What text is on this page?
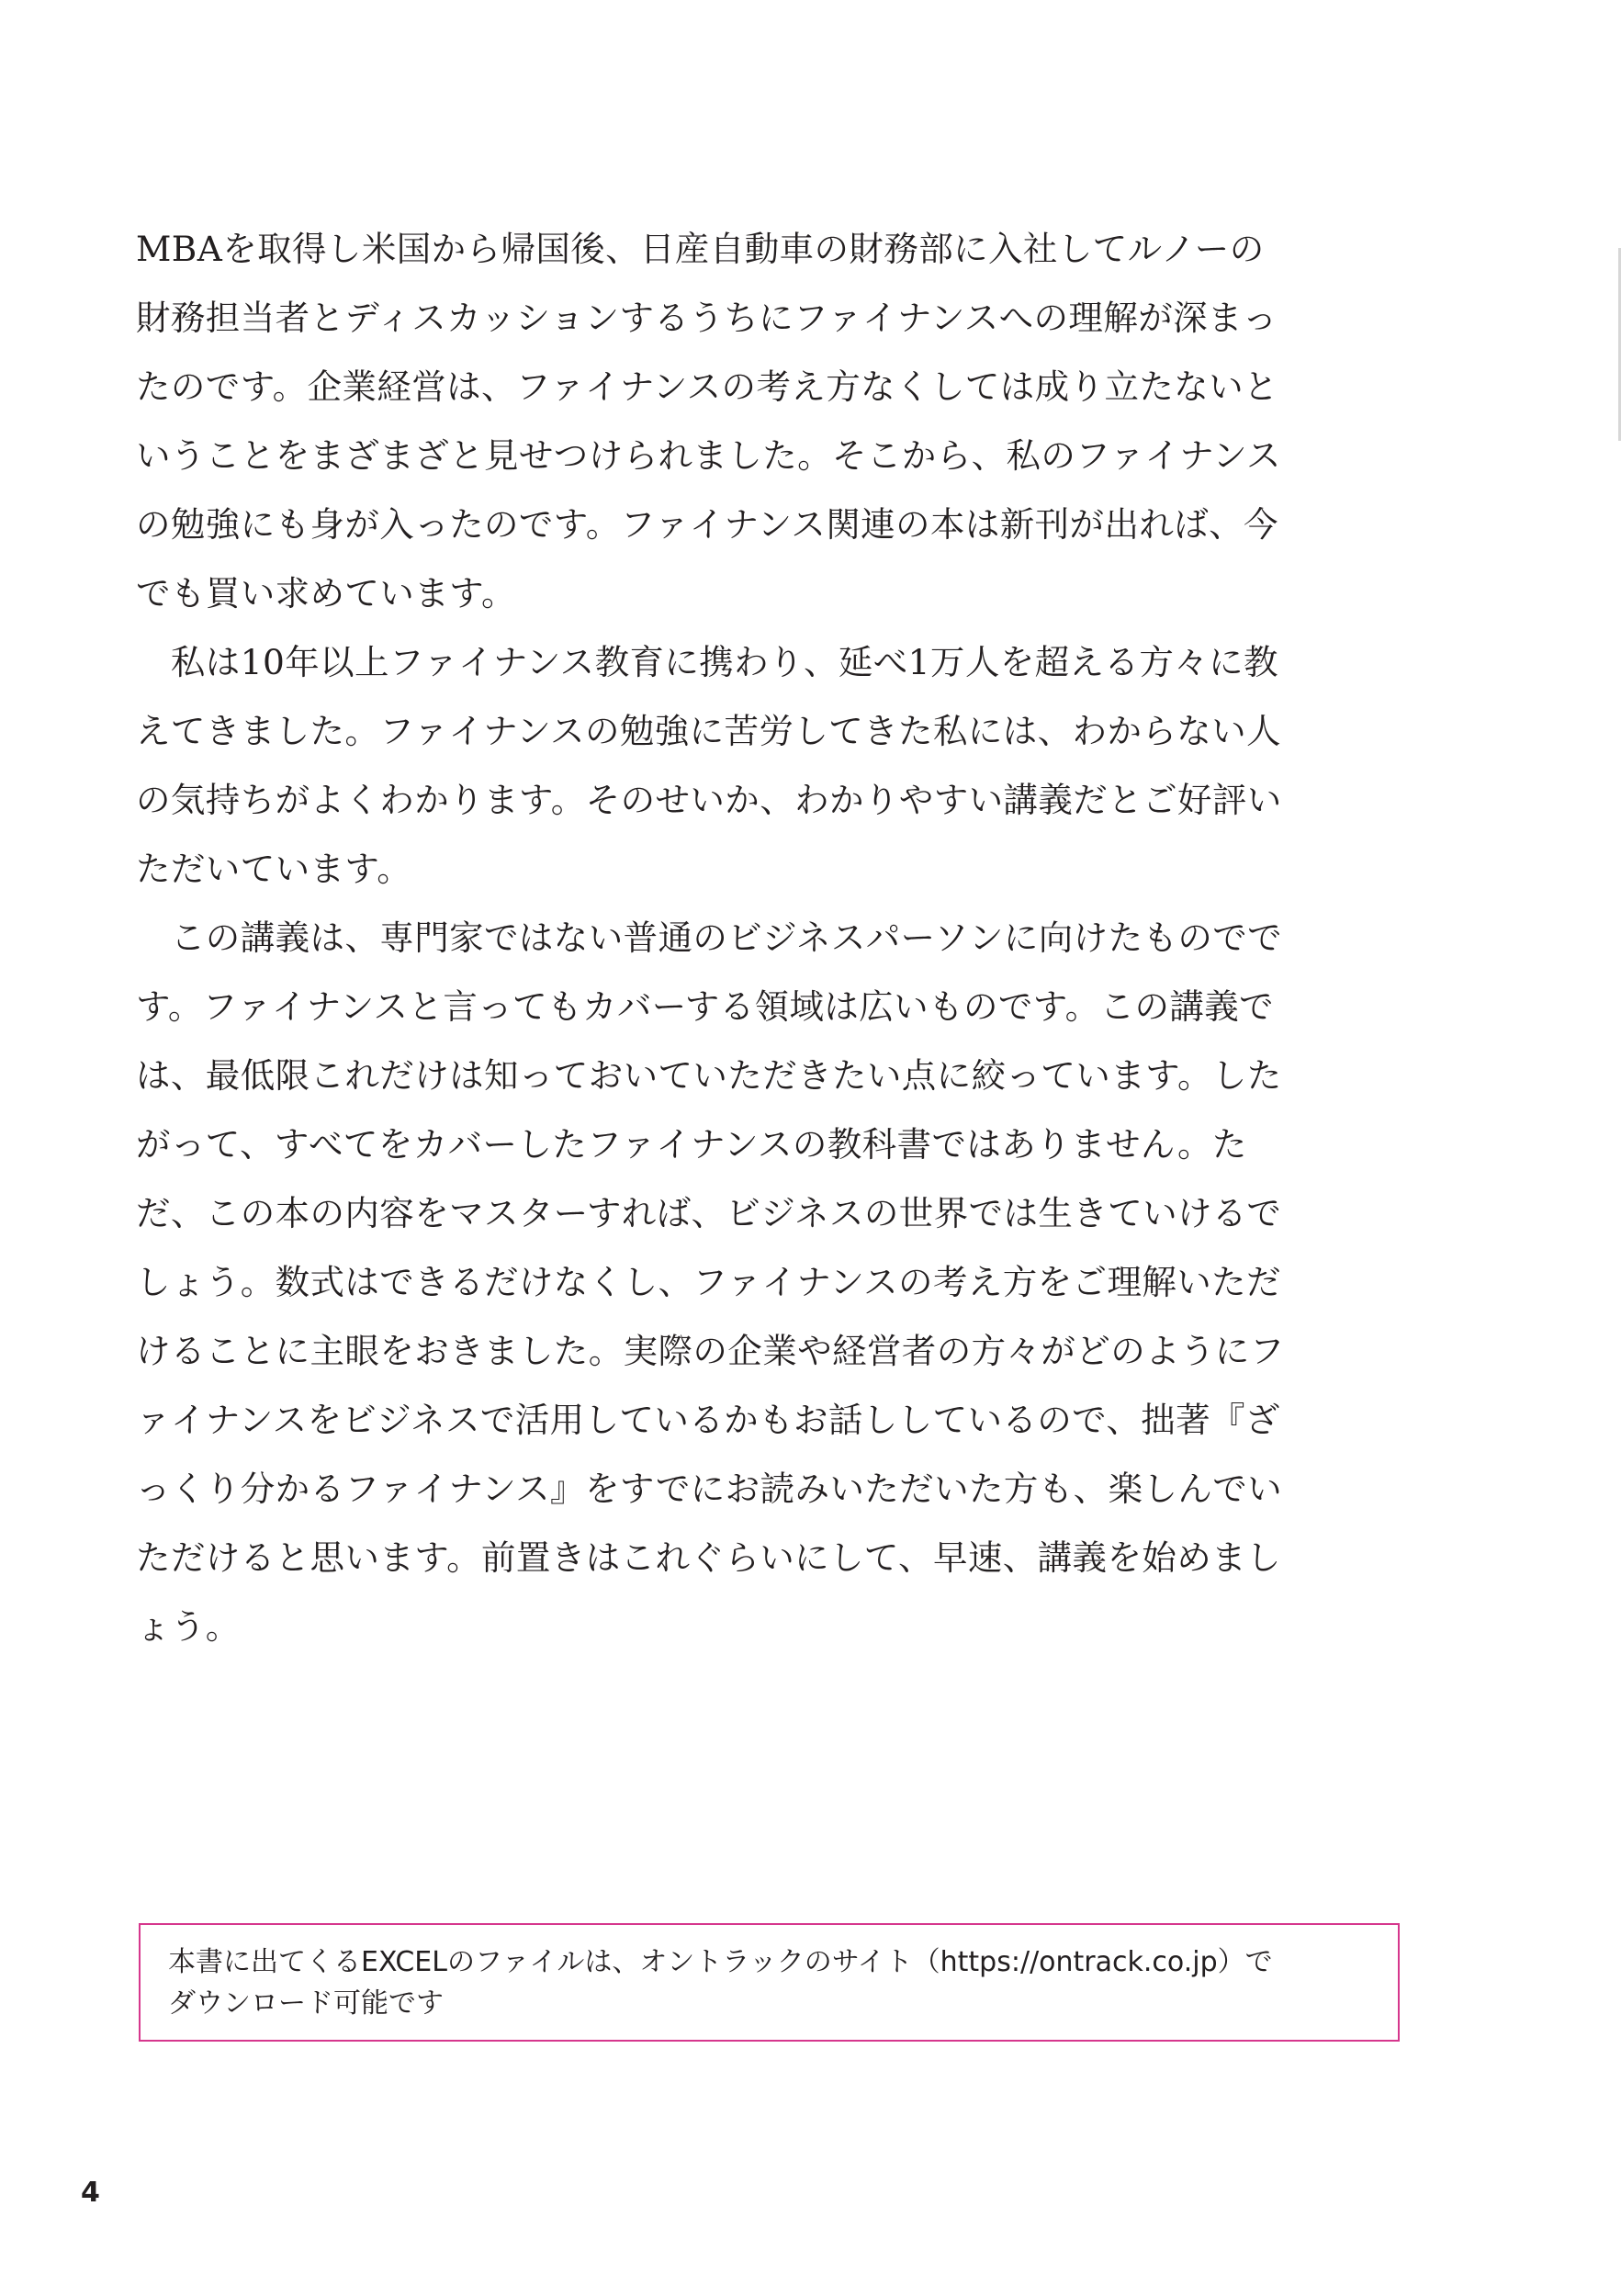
MBAを取得し米国から帰国後、日産自動車の財務部に入社してルノーの
財務担当者とディスカッションするうちにファイナンスへの理解が深まっ
たのです。企業経営は、ファイナンスの考え方なくしては成り立たないと
いうことをまざまざと見せつけられました。そこから、私のファイナンス
の勉強にも身が入ったのです。ファイナンス関連の本は新刊が出れば、今
でも買い求めています。
　私は10年以上ファイナンス教育に携わり、延べ1万人を超える方々に教
えてきました。ファイナンスの勉強に苦労してきた私には、わからない人
の気持ちがよくわかります。そのせいか、わかりやすい講義だとご好評い
ただいています。
　この講義は、専門家ではない普通のビジネスパーソンに向けたものでで
す。ファイナンスと言ってもカバーする領域は広いものです。この講義で
は、最低限これだけは知っておいていただきたい点に絞っています。した
がって、すべてをカバーしたファイナンスの教科書ではありません。た
だ、この本の内容をマスターすれば、ビジネスの世界では生きていけるで
しょう。数式はできるだけなくし、ファイナンスの考え方をご理解いただ
けることに主眼をおきました。実際の企業や経営者の方々がどのようにフ
ァイナンスをビジネスで活用しているかもお話ししているので、拙著『ざ
っくり分かるファイナンス』をすでにお読みいただいた方も、楽しんでい
ただけると思います。前置きはこれぐらいにして、早速、講義を始めまし
ょう。
本書に出てくるEXCELのファイルは、オントラックのサイト（https://ontrack.co.jp）で
ダウンロード可能です
4
